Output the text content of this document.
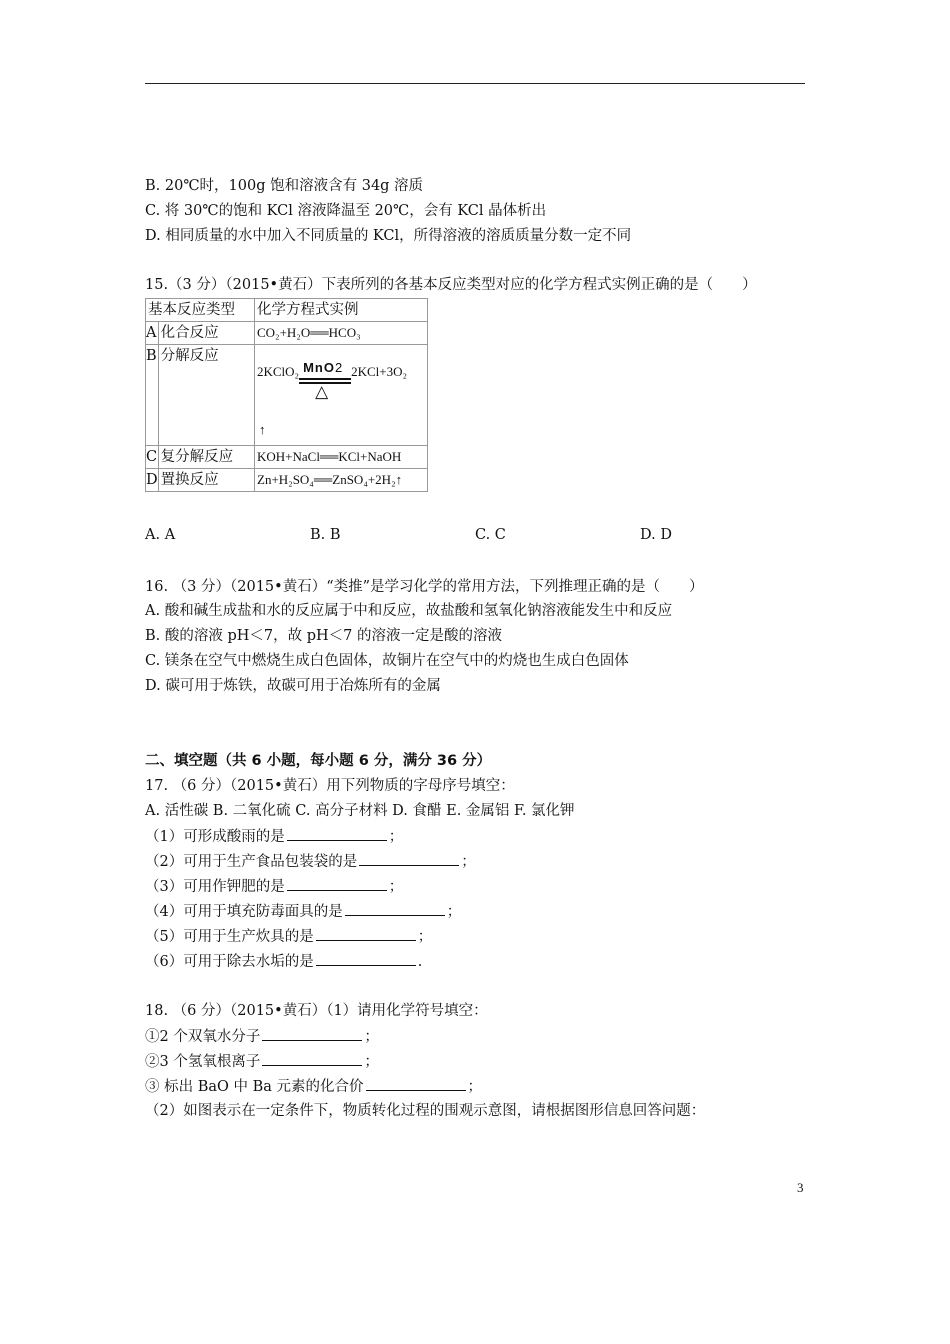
B. 20℃时，100g 饱和溶液含有 34g 溶质
C. 将 30℃的饱和 KCl 溶液降温至 20℃，会有 KCl 晶体析出
D. 相同质量的水中加入不同质量的 KCl，所得溶液的溶质质量分数一定不同
15.（3 分）（2015•黄石）下表所列的各基本反应类型对应的化学方程式实例正确的是（　　）
基本反应类型		化学方程式实例
A	化合反应	CO₂+H₂O══HCO₃
B	分解反应	2KClO₂ MnO2
△
2KCl+3O₂
↑

C	复分解反应	KOH+NaCl══KCl+NaOH
D	置换反应	Zn+H₂SO₄══ZnSO₄+2H₂↑
A. A	B. B	C. C	D. D
16. （3 分）（2015•黄石）“类推”是学习化学的常用方法，下列推理正确的是（　　）
A. 酸和碱生成盐和水的反应属于中和反应，故盐酸和氢氧化钠溶液能发生中和反应
B. 酸的溶液 pH＜7，故 pH＜7 的溶液一定是酸的溶液
C. 镁条在空气中燃烧生成白色固体，故铜片在空气中的灼烧也生成白色固体
D. 碳可用于炼铁，故碳可用于冶炼所有的金属
二、填空题（共 6 小题，每小题 6 分，满分 36 分）
17. （6 分）（2015•黄石）用下列物质的字母序号填空：
A. 活性碳 B. 二氧化硫 C. 高分子材料 D. 食醋 E. 金属铝 F. 氯化钾
（1）可形成酸雨的是	；
（2）可用于生产食品包装袋的是	；
（3）可用作钾肥的是	；
（4）可用于填充防毒面具的是	；
（5）可用于生产炊具的是	；
（6）可用于除去水垢的是	.
18. （6 分）（2015•黄石）（1）请用化学符号填空：
①2 个双氧水分子	；
②3 个氢氧根离子	；
③ 标出 BaO 中 Ba 元素的化合价	；
（2）如图表示在一定条件下，物质转化过程的围观示意图，请根据图形信息回答问题：
3
